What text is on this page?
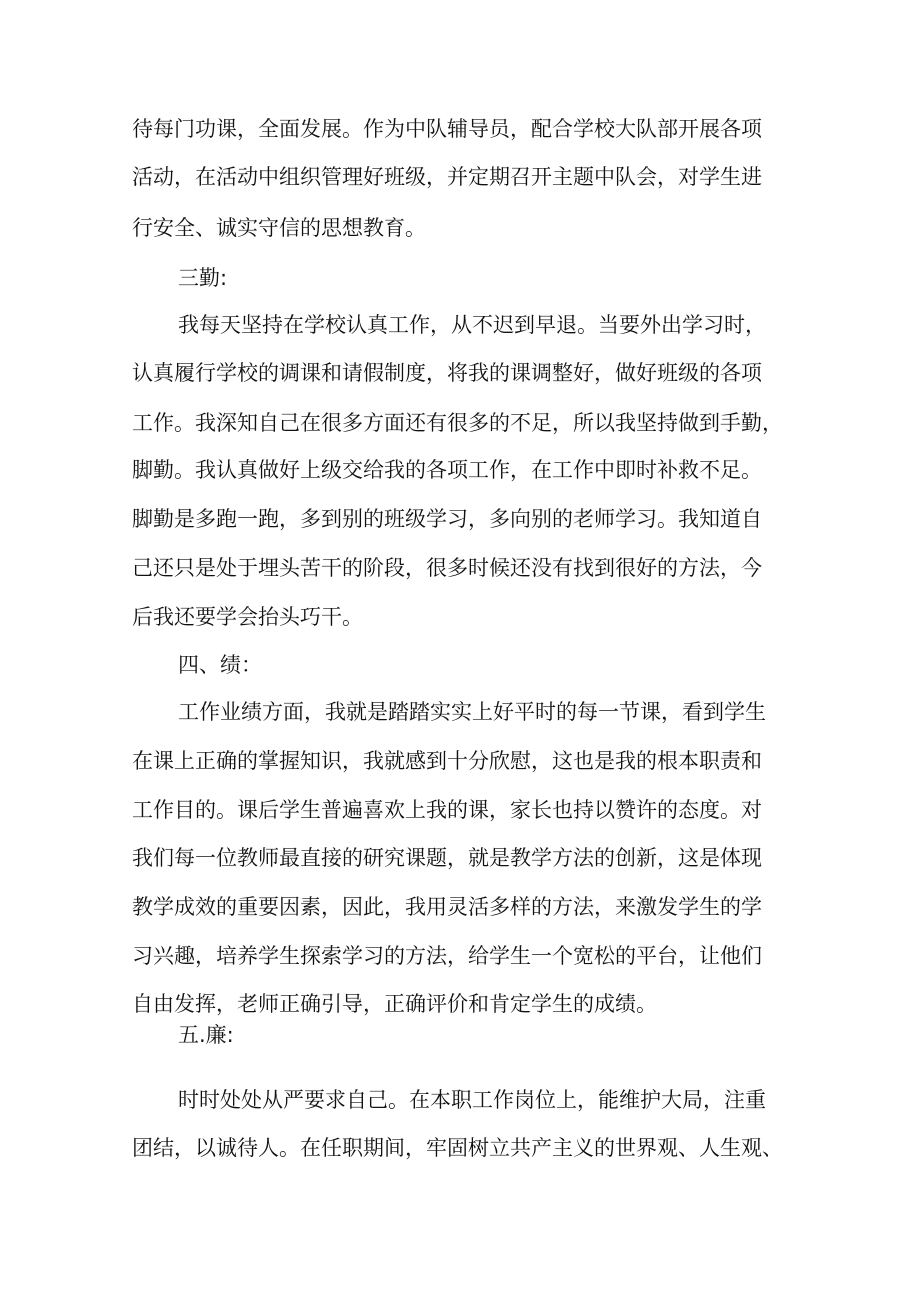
待每门功课，全面发展。作为中队辅导员，配合学校大队部开展各项
活动，在活动中组织管理好班级，并定期召开主题中队会，对学生进
行安全、诚实守信的思想教育。
三勤:
我每天坚持在学校认真工作，从不迟到早退。当要外出学习时，
认真履行学校的调课和请假制度，将我的课调整好，做好班级的各项
工作。我深知自己在很多方面还有很多的不足，所以我坚持做到手勤，
脚勤。我认真做好上级交给我的各项工作，在工作中即时补救不足。
脚勤是多跑一跑，多到别的班级学习，多向别的老师学习。我知道自
己还只是处于埋头苦干的阶段，很多时候还没有找到很好的方法，今
后我还要学会抬头巧干。
四、绩：
工作业绩方面，我就是踏踏实实上好平时的每一节课，看到学生
在课上正确的掌握知识，我就感到十分欣慰，这也是我的根本职责和
工作目的。课后学生普遍喜欢上我的课，家长也持以赞许的态度。对
我们每一位教师最直接的研究课题，就是教学方法的创新，这是体现
教学成效的重要因素，因此，我用灵活多样的方法，来激发学生的学
习兴趣，培养学生探索学习的方法，给学生一个宽松的平台，让他们
自由发挥，老师正确引导，正确评价和肯定学生的成绩。
五.廉:
时时处处从严要求自己。在本职工作岗位上，能维护大局，注重
团结，以诚待人。在任职期间，牢固树立共产主义的世界观、人生观、
